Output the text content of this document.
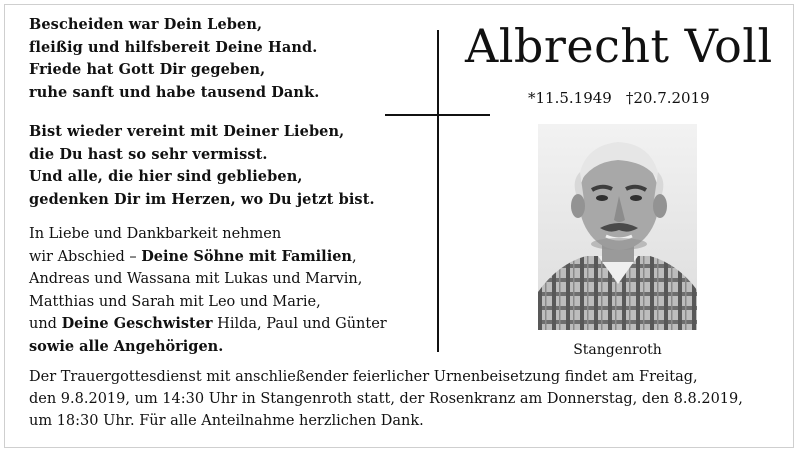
Bescheiden war Dein Leben,
fleißig und hilfsbereit Deine Hand.
Friede hat Gott Dir gegeben,
ruhe sanft und habe tausend Dank.
Bist wieder vereint mit Deiner Lieben,
die Du hast so sehr vermisst.
Und alle, die hier sind geblieben,
gedenken Dir im Herzen, wo Du jetzt bist.
In Liebe und Dankbarkeit nehmen
wir Abschied – Deine Söhne mit Familien,
Andreas und Wassana mit Lukas und Marvin,
Matthias und Sarah mit Leo und Marie,
und Deine Geschwister Hilda, Paul und Günter
sowie alle Angehörigen.
Albrecht Voll
*11.5.1949 †20.7.2019
Stangenroth
Der Trauergottesdienst mit anschließender feierlicher Urnenbeisetzung findet am Freitag,
den 9.8.2019, um 14:30 Uhr in Stangenroth statt, der Rosenkranz am Donnerstag, den 8.8.2019,
um 18:30 Uhr. Für alle Anteilnahme herzlichen Dank.
